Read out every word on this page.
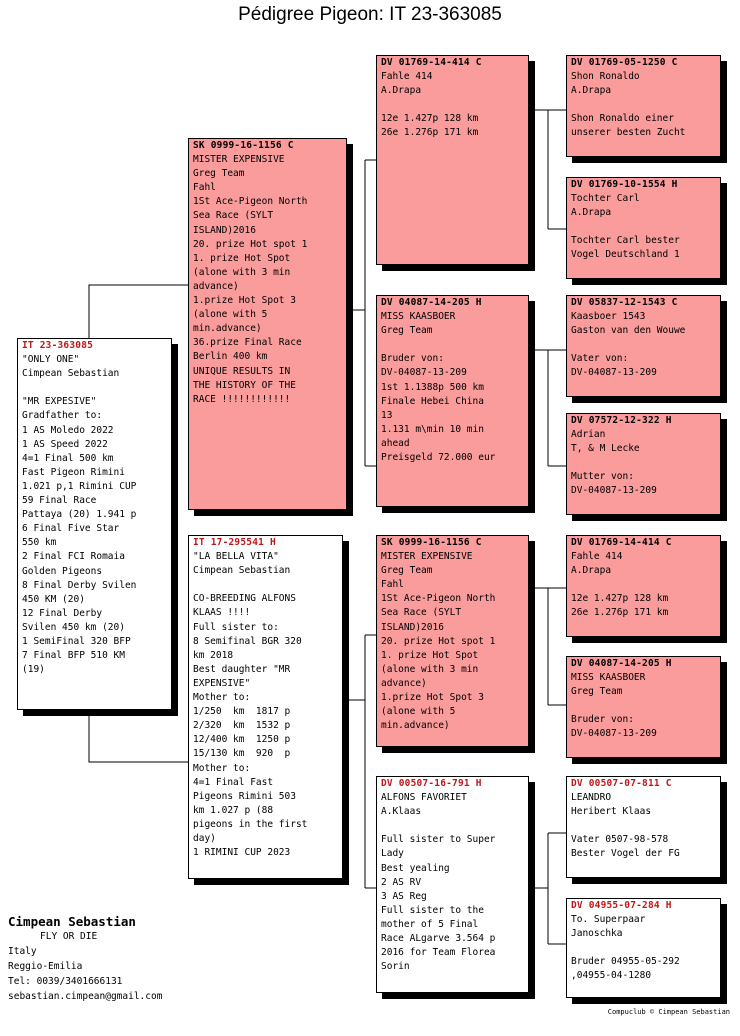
Pédigree Pigeon: IT 23-363085
IT 23-363085
"ONLY ONE"
Cimpean Sebastian
"MR EXPESIVE"
Gradfather to:
1 AS Moledo 2022
1 AS Speed 2022
4=1 Final 500 km
Fast Pigeon Rimini
1.021 p,1 Rimini CUP
59 Final Race
Pattaya (20) 1.941 p
6 Final Five Star
550 km
2 Final FCI Romaia
Golden Pigeons
8 Final Derby Svilen
450 KM (20)
12 Final Derby
Svilen 450 km (20)
1 SemiFinal 320 BFP
7 Final BFP 510 KM
(19)
SK 0999-16-1156 C
MISTER EXPENSIVE
Greg Team
Fahl
1St Ace-Pigeon North
Sea Race (SYLT
ISLAND)2016
20. prize Hot spot 1
1. prize Hot Spot
(alone with 3 min
advance)
1.prize Hot Spot 3
(alone with 5
min.advance)
36.prize Final Race
Berlin 400 km
UNIQUE RESULTS IN
THE HISTORY OF THE
RACE !!!!!!!!!!!!
IT 17-295541 H
"LA BELLA VITA"
Cimpean Sebastian
CO-BREEDING ALFONS
KLAAS !!!!
Full sister to:
8 Semifinal BGR 320
km 2018
Best daughter "MR
EXPENSIVE"
Mother to:
1/250  km  1817 p
2/320  km  1532 p
12/400 km  1250 p
15/130 km  920  p
Mother to:
4=1 Final Fast
Pigeons Rimini 503
km 1.027 p (88
pigeons in the first
day)
1 RIMINI CUP 2023
DV 01769-14-414 C
Fahle 414
A.Drapa
12e 1.427p 128 km
26e 1.276p 171 km
DV 04087-14-205 H
MISS KAASBOER
Greg Team
Bruder von:
DV-04087-13-209
1st 1.1388p 500 km
Finale Hebei China
13
1.131 m\min 10 min
ahead
Preisgeld 72.000 eur
SK 0999-16-1156 C
MISTER EXPENSIVE
Greg Team
Fahl
1St Ace-Pigeon North
Sea Race (SYLT
ISLAND)2016
20. prize Hot spot 1
1. prize Hot Spot
(alone with 3 min
advance)
1.prize Hot Spot 3
(alone with 5
min.advance)
DV 00507-16-791 H
ALFONS FAVORIET
A.Klaas
Full sister to Super
Lady
Best yealing
2 AS RV
3 AS Reg
Full sister to the
mother of 5 Final
Race ALgarve 3.564 p
2016 for Team Florea
Sorin
DV 01769-05-1250 C
Shon Ronaldo
A.Drapa
Shon Ronaldo einer
unserer besten Zucht
DV 01769-10-1554 H
Tochter Carl
A.Drapa
Tochter Carl bester
Vogel Deutschland 1
DV 05837-12-1543 C
Kaasboer 1543
Gaston van den Wouwe
Vater von:
DV-04087-13-209
DV 07572-12-322 H
Adrian
T, & M Lecke
Mutter von:
DV-04087-13-209
DV 01769-14-414 C
Fahle 414
A.Drapa
12e 1.427p 128 km
26e 1.276p 171 km
DV 04087-14-205 H
MISS KAASBOER
Greg Team
Bruder von:
DV-04087-13-209
DV 00507-07-811 C
LEANDRO
Heribert Klaas
Vater 0507-98-578
Bester Vogel der FG
DV 04955-07-284 H
To. Superpaar
Janoschka
Bruder 04955-05-292
,04955-04-1280
Cimpean Sebastian
FLY OR DIE
Italy
Reggio-Emilia
Tel: 0039/3401666131
sebastian.cimpean@gmail.com
Compuclub © Cimpean Sebastian
